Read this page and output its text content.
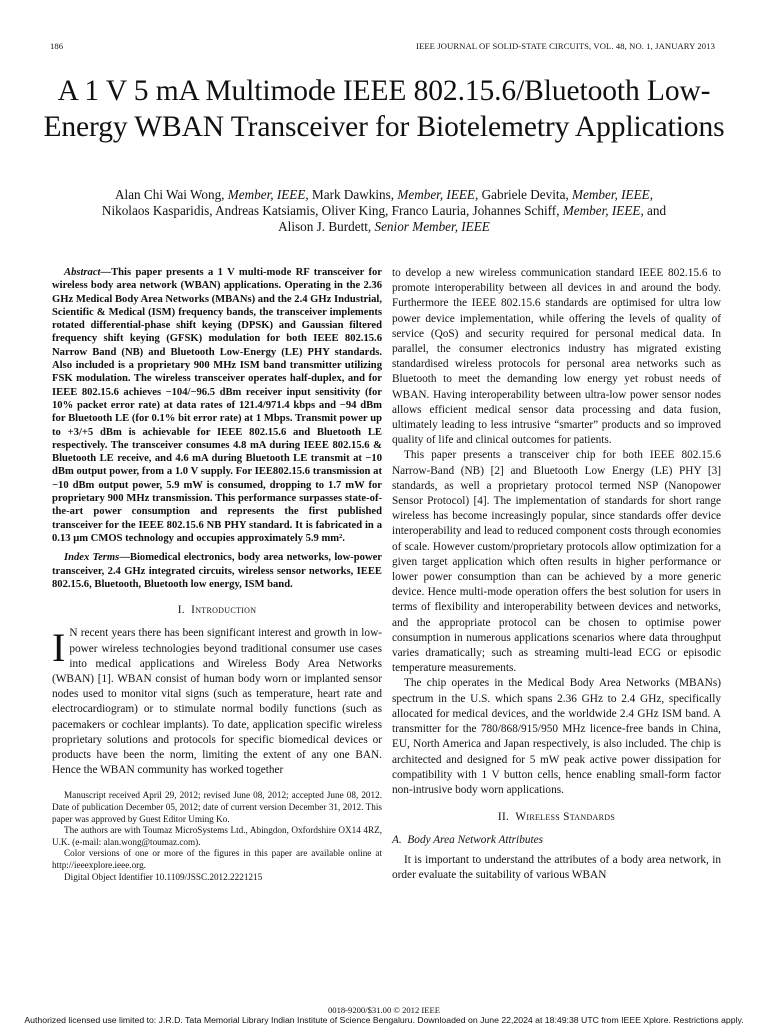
186	IEEE JOURNAL OF SOLID-STATE CIRCUITS, VOL. 48, NO. 1, JANUARY 2013
A 1 V 5 mA Multimode IEEE 802.15.6/Bluetooth Low-Energy WBAN Transceiver for Biotelemetry Applications
Alan Chi Wai Wong, Member, IEEE, Mark Dawkins, Member, IEEE, Gabriele Devita, Member, IEEE,
Nikolaos Kasparidis, Andreas Katsiamis, Oliver King, Franco Lauria, Johannes Schiff, Member, IEEE, and
Alison J. Burdett, Senior Member, IEEE

Abstract—This paper presents a 1 V multi-mode RF transceiver for wireless body area network (WBAN) applications. Operating in the 2.36 GHz Medical Body Area Networks (MBANs) and the 2.4 GHz Industrial, Scientific & Medical (ISM) frequency bands, the transceiver implements rotated differential-phase shift keying (DPSK) and Gaussian filtered frequency shift keying (GFSK) modulation for both IEEE 802.15.6 Narrow Band (NB) and Bluetooth Low-Energy (LE) PHY standards. Also included is a proprietary 900 MHz ISM band transmitter utilizing FSK modulation. The wireless transceiver operates half-duplex, and for IEEE 802.15.6 achieves −104/−96.5 dBm receiver input sensitivity (for 10% packet error rate) at data rates of 121.4/971.4 kbps and −94 dBm for Bluetooth LE (for 0.1% bit error rate) at 1 Mbps. Transmit power up to +3/+5 dBm is achievable for IEEE 802.15.6 and Bluetooth LE respectively. The transceiver consumes 4.8 mA during IEEE 802.15.6 & Bluetooth LE receive, and 4.6 mA during Bluetooth LE transmit at −10 dBm output power, from a 1.0 V supply. For IEE802.15.6 transmission at −10 dBm output power, 5.9 mW is consumed, dropping to 1.7 mW for proprietary 900 MHz transmission. This performance surpasses state-of-the-art power consumption and represents the first published transceiver for the IEEE 802.15.6 NB PHY standard. It is fabricated in a 0.13 μm CMOS technology and occupies approximately 5.9 mm².

Index Terms—Biomedical electronics, body area networks, low-power transceiver, 2.4 GHz integrated circuits, wireless sensor networks, IEEE 802.15.6, Bluetooth, Bluetooth low energy, ISM band.

I. Introduction

I N recent years there has been significant interest and growth in low-power wireless technologies beyond traditional consumer use cases into medical applications and Wireless Body Area Networks (WBAN) [1]. WBAN consist of human body worn or implanted sensor nodes used to monitor vital signs (such as temperature, heart rate and electrocardiogram) or to stimulate normal bodily functions (such as pacemakers or cochlear implants). To date, application specific wireless proprietary solutions and protocols for specific biomedical devices or products have been the norm, limiting the extent of any one BAN. Hence the WBAN community has worked together

Manuscript received April 29, 2012; revised June 08, 2012; accepted June 08, 2012. Date of publication December 05, 2012; date of current version December 31, 2012. This paper was approved by Guest Editor Uming Ko.

The authors are with Toumaz MicroSystems Ltd., Abingdon, Oxfordshire OX14 4RZ, U.K. (e-mail: alan.wong@toumaz.com).

Color versions of one or more of the figures in this paper are available online at http://ieeexplore.ieee.org.

Digital Object Identifier 10.1109/JSSC.2012.2221215

to develop a new wireless communication standard IEEE 802.15.6 to promote interoperability between all devices in and around the body. Furthermore the IEEE 802.15.6 standards are optimised for ultra low power device implementation, while offering the levels of quality of service (QoS) and security required for personal medical data. In parallel, the consumer electronics industry has migrated existing standardised wireless protocols for personal area networks such as Bluetooth to meet the demanding low energy yet robust needs of WBAN. Having interoperability between ultra-low power sensor nodes allows efficient medical sensor data processing and data fusion, ultimately leading to less intrusive “smarter” products and so improved quality of life and clinical outcomes for patients.

This paper presents a transceiver chip for both IEEE 802.15.6 Narrow-Band (NB) [2] and Bluetooth Low Energy (LE) PHY [3] standards, as well a proprietary protocol termed NSP (Nanopower Sensor Protocol) [4]. The implementation of standards for short range wireless has become increasingly popular, since standards offer device interoperability and lead to reduced component costs through economies of scale. However custom/proprietary protocols allow optimization for a given target application which often results in higher performance or lower power consumption than can be achieved by a more generic device. Hence multi-mode operation offers the best solution for users in terms of flexibility and interoperability between devices and networks, and the appropriate protocol can be chosen to optimise power consumption in numerous applications scenarios where data throughput varies dramatically; such as streaming multi-lead ECG or episodic temperature measurements.

The chip operates in the Medical Body Area Networks (MBANs) spectrum in the U.S. which spans 2.36 GHz to 2.4 GHz, specifically allocated for medical devices, and the worldwide 2.4 GHz ISM band. A transmitter for the 780/868/915/950 MHz licence-free bands in China, EU, North America and Japan respectively, is also included. The chip is architected and designed for 5 mW peak active power dissipation for compatibility with 1 V button cells, hence enabling small-form factor non-intrusive body worn applications.

II. Wireless Standards
A. Body Area Network Attributes

It is important to understand the attributes of a body area network, in order evaluate the suitability of various WBAN

0018-9200/$31.00 © 2012 IEEE
Authorized licensed use limited to: J.R.D. Tata Memorial Library Indian Institute of Science Bengaluru. Downloaded on June 22,2024 at 18:49:38 UTC from IEEE Xplore. Restrictions apply.
